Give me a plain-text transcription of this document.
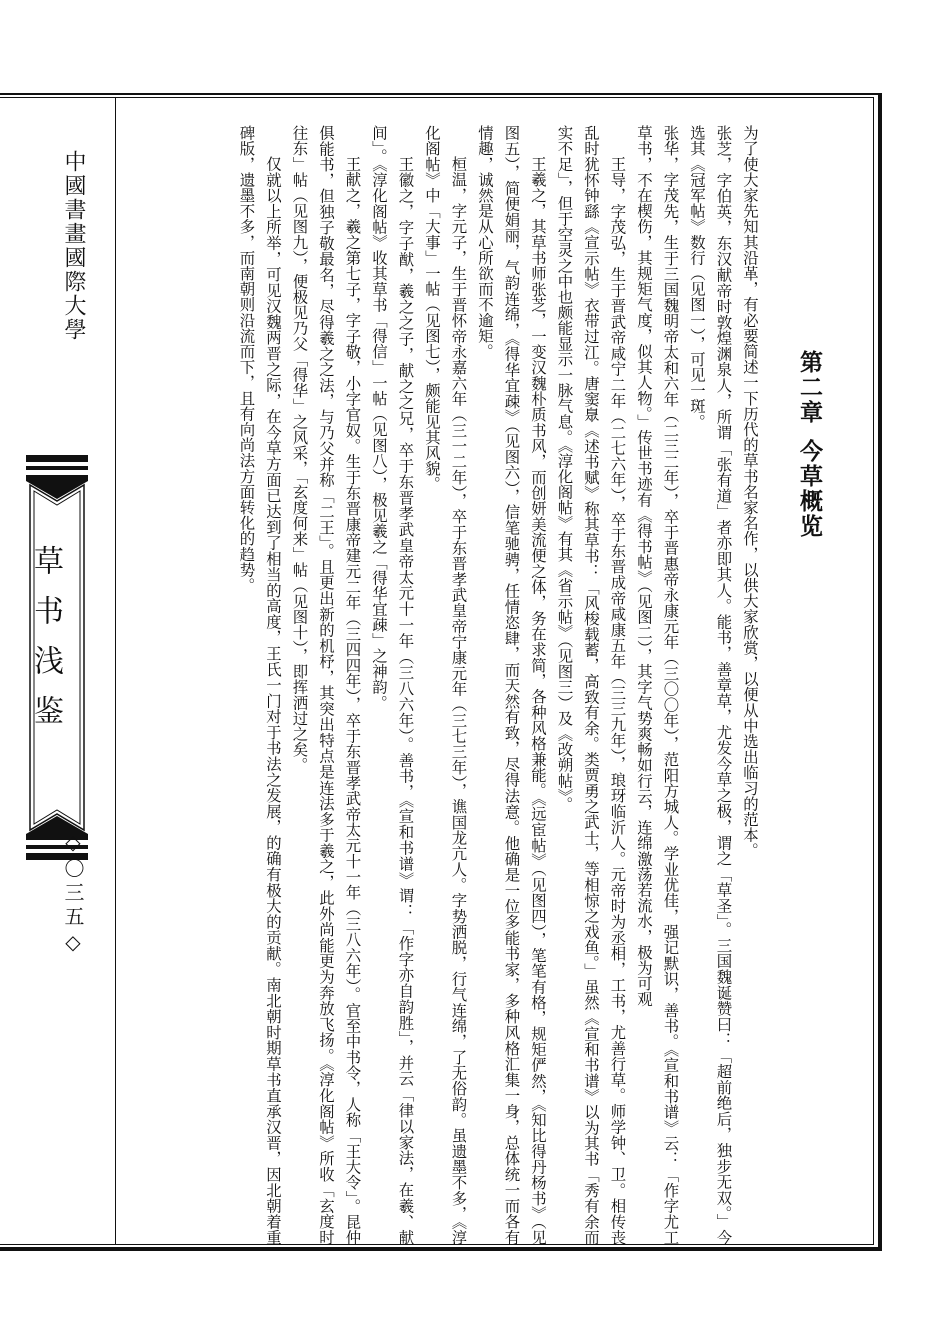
中國書畫國際大學
草书浅鉴
◇〇三五◇
第二章今草概览

为了使大家先知其沿革，有必要简述一下历代的草书名家名作，以供大家欣赏，以便从中选出临习的范本。

张芝，字伯英，东汉献帝时敦煌渊泉人，所谓「张有道」者亦即其人。能书，善章草，尤发今草之极，谓之「草圣」。三国魏诞赞曰：「超前绝后，独步无双。」今选其《冠军帖》数行（见图一），可见一斑。

张华，字茂先，生于三国魏明帝太和六年（二三二年），卒于晋惠帝永康元年（三〇〇年），范阳方城人。学业优佳，强记默识，善书。《宣和书谱》云：「作字尤工草书，不在楔伤，其规矩气度，似其人物。」传世书迹有《得书帖》（见图二），其字气势爽畅如行云，连绵激荡若流水，极为可观

王导，字茂弘，生于晋武帝咸宁二年（二七六年），卒于东晋成帝咸康五年（三三九年），琅玡临沂人。元帝时为丞相，工书，尤善行草。师学钟、卫。相传丧乱时犹怀钟繇《宣示帖》衣带过江。唐窦臮《述书赋》称其草书：「风梭载蓄，高致有余。类贾勇之武士，等相惊之戏鱼。」虽然《宣和书谱》以为其书「秀有余而实不足」，但于空灵之中也颇能显示一脉气息。《淳化阁帖》有其《省示帖》（见图三）及《改朔帖》。

王羲之，其草书师张芝，一变汉魏朴质书风，而创妍美流便之体，务在求简，各种风格兼能。《远宦帖》（见图四），笔笔有格，规矩俨然，《知比得丹杨书》（见图五），简便娟丽，气韵连绵，《得华宜疎》（见图六），信笔驰骋，任情恣肆，而天然有致，尽得法意。他确是一位多能书家，多种风格汇集一身，总体统一而各有情趣，诚然是从心所欲而不逾矩。

桓温，字元子，生于晋怀帝永嘉六年（三一二年），卒于东晋孝武皇帝宁康元年（三七三年），谯国龙亢人。字势洒脱，行气连绵，了无俗韵。虽遗墨不多，《淳化阁帖》中「大事」一帖（见图七），颇能见其风貌。

王徽之，字子猷，羲之之子，献之之兄，卒于东晋孝武皇帝太元十一年（三八六年）。善书，《宣和书谱》谓：「作字亦自韵胜」，并云「律以家法，在羲、献间」。《淳化阁帖》收其草书「得信」一帖（见图八），极见羲之「得华宜疎」之神韵。

王献之，羲之第七子，字子敬，小字官奴。生于东晋康帝建元二年（三四四年），卒于东晋孝武帝太元十一年（三八六年）。官至中书令，人称「王大令」。昆仲俱能书，但独子敬最名，尽得羲之之法，与乃父并称「二王」。且更出新的机杼，其突出特点是连法多于羲之，此外尚能更为奔放飞扬。《淳化阁帖》所收「玄度时往东」帖（见图九），便极见乃父「得华」之风采，「玄度何来」帖（见图十），即挥洒过之矣。

仅就以上所举，可见汉魏两晋之际，在今草方面已达到了相当的高度，王氏一门对于书法之发展，的确有极大的贡献。南北朝时期草书直承汉晋，因北朝着重碑版，遗墨不多，而南朝则沿流而下，且有向尚法方面转化的趋势。
